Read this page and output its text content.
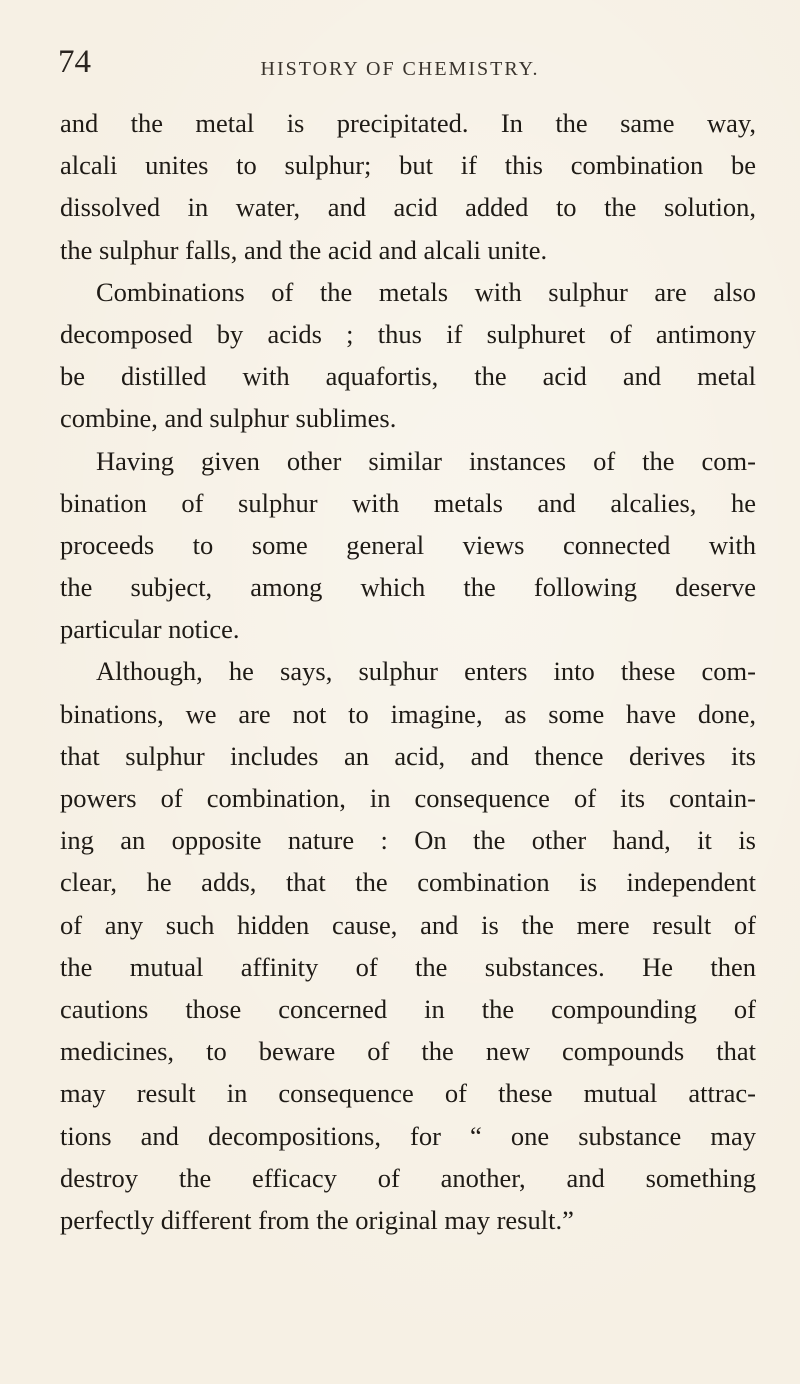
74	HISTORY OF CHEMISTRY.
and the metal is precipitated. In the same way,
alcali unites to sulphur; but if this combination be
dissolved in water, and acid added to the solution,
the sulphur falls, and the acid and alcali unite.
Combinations of the metals with sulphur are also
decomposed by acids ; thus if sulphuret of antimony
be distilled with aquafortis, the acid and metal
combine, and sulphur sublimes.
Having given other similar instances of the com-
bination of sulphur with metals and alcalies, he
proceeds to some general views connected with
the subject, among which the following deserve
particular notice.
Although, he says, sulphur enters into these com-
binations, we are not to imagine, as some have done,
that sulphur includes an acid, and thence derives its
powers of combination, in consequence of its contain-
ing an opposite nature : On the other hand, it is
clear, he adds, that the combination is independent
of any such hidden cause, and is the mere result of
the mutual affinity of the substances. He then
cautions those concerned in the compounding of
medicines, to beware of the new compounds that
may result in consequence of these mutual attrac-
tions and decompositions, for “ one substance may
destroy the efficacy of another, and something
perfectly different from the original may result.”
